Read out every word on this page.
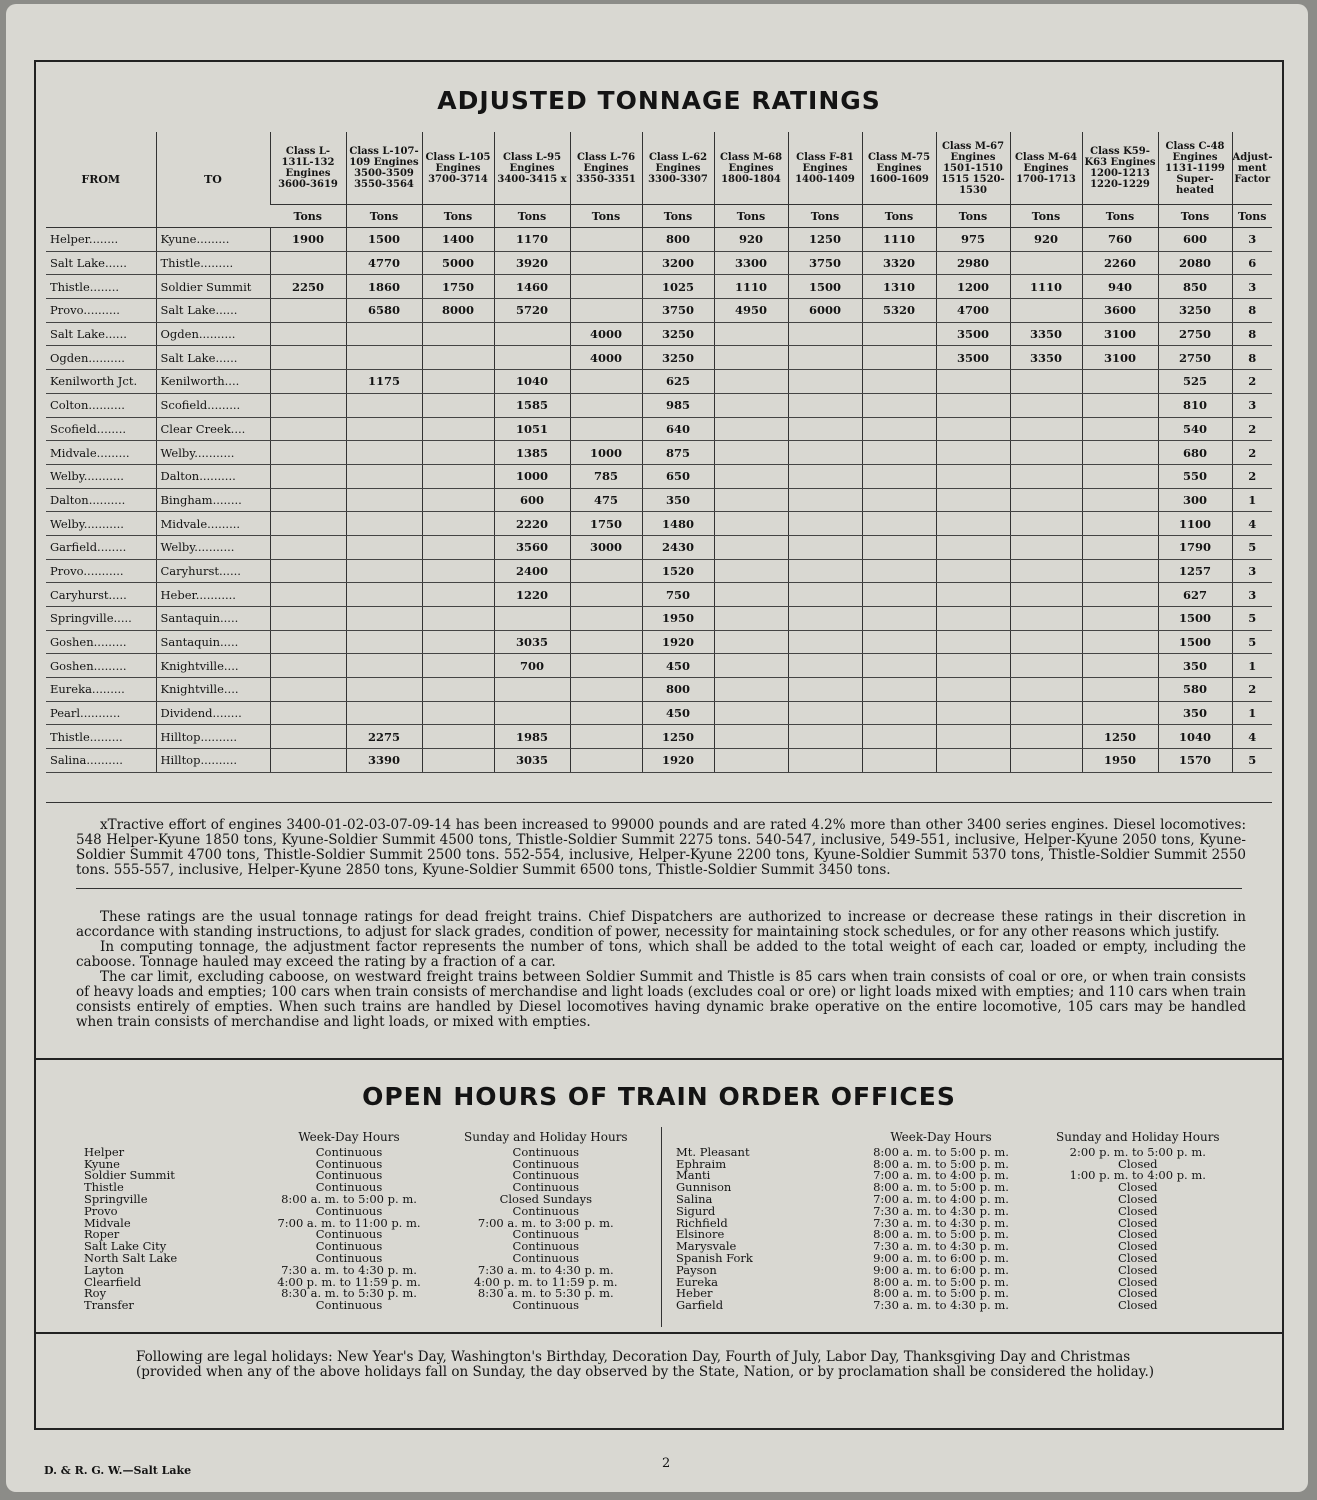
ADJUSTED TONNAGE RATINGS
FROM	TO	Class L-131L-132 Engines 3600-3619	Class L-107-109 Engines 3500-3509 3550-3564	Class L-105 Engines 3700-3714	Class L-95 Engines 3400-3415 x	Class L-76 Engines 3350-3351	Class L-62 Engines 3300-3307	Class M-68 Engines 1800-1804	Class F-81 Engines 1400-1409	Class M-75 Engines 1600-1609	Class M-67 Engines 1501-1510 1515 1520-1530	Class M-64 Engines 1700-1713	Class K59-K63 Engines 1200-1213 1220-1229	Class C-48 Engines 1131-1199 Super-heated	Adjust-ment Factor
		Tons	Tons	Tons	Tons	Tons	Tons	Tons	Tons	Tons	Tons	Tons	Tons	Tons	Tons
Helper........	Kyune.........	1900	1500	1400	1170		800	920	1250	1110	975	920	760	600	3
Salt Lake......	Thistle.........		4770	5000	3920		3200	3300	3750	3320	2980		2260	2080	6
Thistle........	Soldier Summit	2250	1860	1750	1460		1025	1110	1500	1310	1200	1110	940	850	3
Provo..........	Salt Lake......		6580	8000	5720		3750	4950	6000	5320	4700		3600	3250	8
Salt Lake......	Ogden..........					4000	3250				3500	3350	3100	2750	8
Ogden..........	Salt Lake......					4000	3250				3500	3350	3100	2750	8
Kenilworth Jct.	Kenilworth....		1175		1040		625							525	2
Colton..........	Scofield.........				1585		985							810	3
Scofield........	Clear Creek....				1051		640							540	2
Midvale.........	Welby...........				1385	1000	875							680	2
Welby...........	Dalton..........				1000	785	650							550	2
Dalton..........	Bingham........				600	475	350							300	1
Welby...........	Midvale.........				2220	1750	1480							1100	4
Garfield........	Welby...........				3560	3000	2430							1790	5
Provo...........	Caryhurst......				2400		1520							1257	3
Caryhurst.....	Heber...........				1220		750							627	3
Springville.....	Santaquin.....						1950							1500	5
Goshen.........	Santaquin.....				3035		1920							1500	5
Goshen.........	Knightville....				700		450							350	1
Eureka.........	Knightville....						800							580	2
Pearl...........	Dividend........						450							350	1
Thistle.........	Hilltop..........		2275		1985		1250						1250	1040	4
Salina..........	Hilltop..........		3390		3035		1920						1950	1570	5

xTractive effort of engines 3400-01-02-03-07-09-14 has been increased to 99000 pounds and are rated 4.2% more than other 3400 series engines. Diesel locomotives: 548 Helper-Kyune 1850 tons, Kyune-Soldier Summit 4500 tons, Thistle-Soldier Summit 2275 tons. 540-547, inclusive, 549-551, inclusive, Helper-Kyune 2050 tons, Kyune-Soldier Summit 4700 tons, Thistle-Soldier Summit 2500 tons. 552-554, inclusive, Helper-Kyune 2200 tons, Kyune-Soldier Summit 5370 tons, Thistle-Soldier Summit 2550 tons. 555-557, inclusive, Helper-Kyune 2850 tons, Kyune-Soldier Summit 6500 tons, Thistle-Soldier Summit 3450 tons.

These ratings are the usual tonnage ratings for dead freight trains. Chief Dispatchers are authorized to increase or decrease these ratings in their discretion in accordance with standing instructions, to adjust for slack grades, condition of power, necessity for maintaining stock schedules, or for any other reasons which justify.

In computing tonnage, the adjustment factor represents the number of tons, which shall be added to the total weight of each car, loaded or empty, including the caboose. Tonnage hauled may exceed the rating by a fraction of a car.

The car limit, excluding caboose, on westward freight trains between Soldier Summit and Thistle is 85 cars when train consists of coal or ore, or when train consists of heavy loads and empties; 100 cars when train consists of merchandise and light loads (excludes coal or ore) or light loads mixed with empties; and 110 cars when train consists entirely of empties. When such trains are handled by Diesel locomotives having dynamic brake operative on the entire locomotive, 105 cars may be handled when train consists of merchandise and light loads, or mixed with empties.

OPEN HOURS OF TRAIN ORDER OFFICES
	Week-Day Hours	Sunday and Holiday Hours
Helper	Continuous	Continuous
Kyune	Continuous	Continuous
Soldier Summit	Continuous	Continuous
Thistle	Continuous	Continuous
Springville	8:00 a. m. to 5:00 p. m.	Closed Sundays
Provo	Continuous	Continuous
Midvale	7:00 a. m. to 11:00 p. m.	7:00 a. m. to 3:00 p. m.
Roper	Continuous	Continuous
Salt Lake City	Continuous	Continuous
North Salt Lake	Continuous	Continuous
Layton	7:30 a. m. to 4:30 p. m.	7:30 a. m. to 4:30 p. m.
Clearfield	4:00 p. m. to 11:59 p. m.	4:00 p. m. to 11:59 p. m.
Roy	8:30 a. m. to 5:30 p. m.	8:30 a. m. to 5:30 p. m.
Transfer	Continuous	Continuous
	Week-Day Hours	Sunday and Holiday Hours
Mt. Pleasant	8:00 a. m. to 5:00 p. m.	2:00 p. m. to 5:00 p. m.
Ephraim	8:00 a. m. to 5:00 p. m.	Closed
Manti	7:00 a. m. to 4:00 p. m.	1:00 p. m. to 4:00 p. m.
Gunnison	8:00 a. m. to 5:00 p. m.	Closed
Salina	7:00 a. m. to 4:00 p. m.	Closed
Sigurd	7:30 a. m. to 4:30 p. m.	Closed
Richfield	7:30 a. m. to 4:30 p. m.	Closed
Elsinore	8:00 a. m. to 5:00 p. m.	Closed
Marysvale	7:30 a. m. to 4:30 p. m.	Closed
Spanish Fork	9:00 a. m. to 6:00 p. m.	Closed
Payson	9:00 a. m. to 6:00 p. m.	Closed
Eureka	8:00 a. m. to 5:00 p. m.	Closed
Heber	8:00 a. m. to 5:00 p. m.	Closed
Garfield	7:30 a. m. to 4:30 p. m.	Closed
Following are legal holidays: New Year's Day, Washington's Birthday, Decoration Day, Fourth of July, Labor Day, Thanksgiving Day and Christmas (provided when any of the above holidays fall on Sunday, the day observed by the State, Nation, or by proclamation shall be considered the holiday.)
D. & R. G. W.—Salt Lake	2
